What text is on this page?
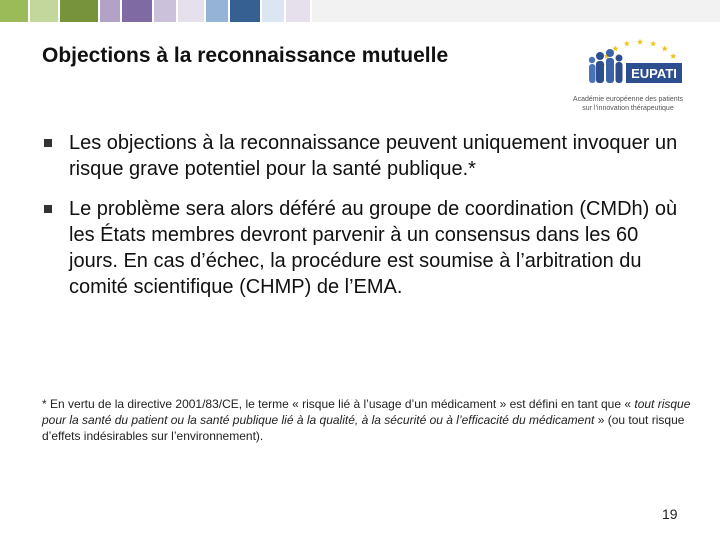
Objections à la reconnaissance mutuelle
EUPATI
Académie européenne des patients
sur l’innovation thérapeutique
Les objections à la reconnaissance peuvent uniquement invoquer un risque grave potentiel pour la santé publique.*
Le problème sera alors déféré au groupe de coordination (CMDh) où les États membres devront parvenir à un consensus dans les 60 jours. En cas d’échec, la procédure est soumise à l’arbitration du comité scientifique (CHMP) de l’EMA.
* En vertu de la directive 2001/83/CE, le terme « risque lié à l’usage d’un médicament » est défini en tant que « tout risque pour la santé du patient ou la santé publique lié à la qualité, à la sécurité ou à l’efficacité du médicament » (ou tout risque d’effets indésirables sur l’environnement).
19
